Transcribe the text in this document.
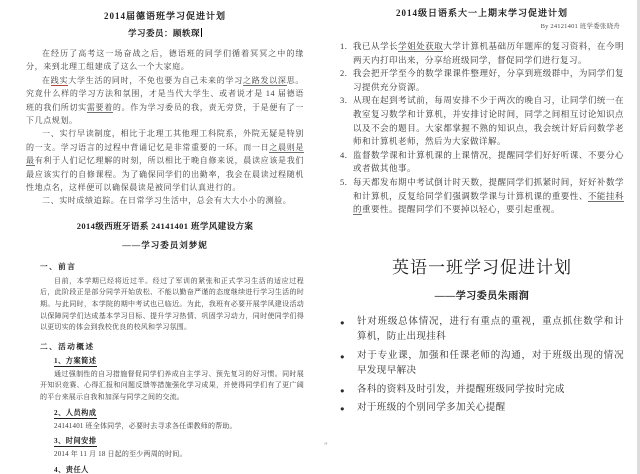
2014届德语班学习促进计划
学习委员：顾轶琛

在经历了高考这一场奋战之后，德语班的同学们循着冥冥之中的缘分，来到北理工组建成了这么一个大家庭。

在践实大学生活的同时，不免也要为自己未来的学习之路发以深思。究竟什么样的学习方法和氛围，才是当代大学生、或者说才是 14 届德语班的我们所切实需要着的。作为学习委员的我，责无旁贷，于是便有了一下几点规划。

一、实行早读制度，相比于北理工其他理工科院系，外院无疑是特别的一支。学习语言的过程中背诵记忆是非常重要的一环。而一日之晨则是最有利于人们记忆理解的时刻，所以相比于晚自修来说，晨读应该是我们最应该实行的自修课程。为了确保同学们的出勤率，我会在晨读过程随机性地点名，这样便可以确保晨读是被同学们认真进行的。

二、实时成绩追踪。在日常学习生活中，总会有大大小小的测验。

2014级西班牙语系 24141401 班学风建设方案
——学习委员刘梦妮
一、前言

目前，本学期已经将近过半。经过了军训的紧张和正式学习生活的适应过程后，此阶段正是部分同学开始放松、不能以勤奋严谨的态度继续进行学习生活的时期。与此同时，本学院的期中考试也已临近。为此，我班有必要开展学风建设活动以保障同学们达成基本学习目标、提升学习热情、巩固学习动力，同时使同学们得以更切实的体会到我校优良的校风和学习氛围。

二、活动概述
1、方案简述

通过强制性的自习措施督促同学们养成自主学习、预先复习的好习惯。同时展开知识竞赛、心得汇报和问题反馈等措施强化学习成果，并使得同学们有了更广阔的平台来展示自我和加深与同学之间的交流。

2、人员构成

24141401 班全体同学，必要时去寻求各任课教师的帮助。

3、时间安排

2014 年 11 月 18 日起的至少两周的时间。

4、责任人
2014级日语系大一上期末学习促进计划
By 24121401 班学委张晓舟
1. 我已从学长学姐处获取大学计算机基础历年题库的复习资料，在今明两天内打印出来，分享给班级同学，督促同学们进行复习。
2. 我会把开学至今的数学课课件整理好，分享到班级群中，为同学们复习提供充分资源。
3. 从现在起到考试前，每周安排不少于两次的晚自习，让同学们统一在教室复习数学和计算机，并安排讨论时间，同学之间相互讨论知识点以及不会的题目。大家都掌握不熟的知识点，我会统计好后问数学老师和计算机老师，然后为大家做详解。
4. 监督数学课和计算机课的上课情况，提醒同学们好好听课、不要分心或者做其他事。
5. 每天都发布期中考试倒计时天数，提醒同学们抓紧时间，好好补数学和计算机，反复给同学们强调数学课与计算机课的重要性、不能挂科的重要性。提醒同学们不要掉以轻心，要引起重视。
英语一班学习促进计划
——学习委员朱雨润
●	针对班级总体情况，进行有重点的重视，重点抓住数学和计算机，防止出现挂科
●	对于专业课，加强和任课老师的沟通，对于班级出现的情况早发现早解决
●	各科的资料及时引发，并提醒班级同学按时完成
●	对于班级的个别同学多加关心提醒
”
